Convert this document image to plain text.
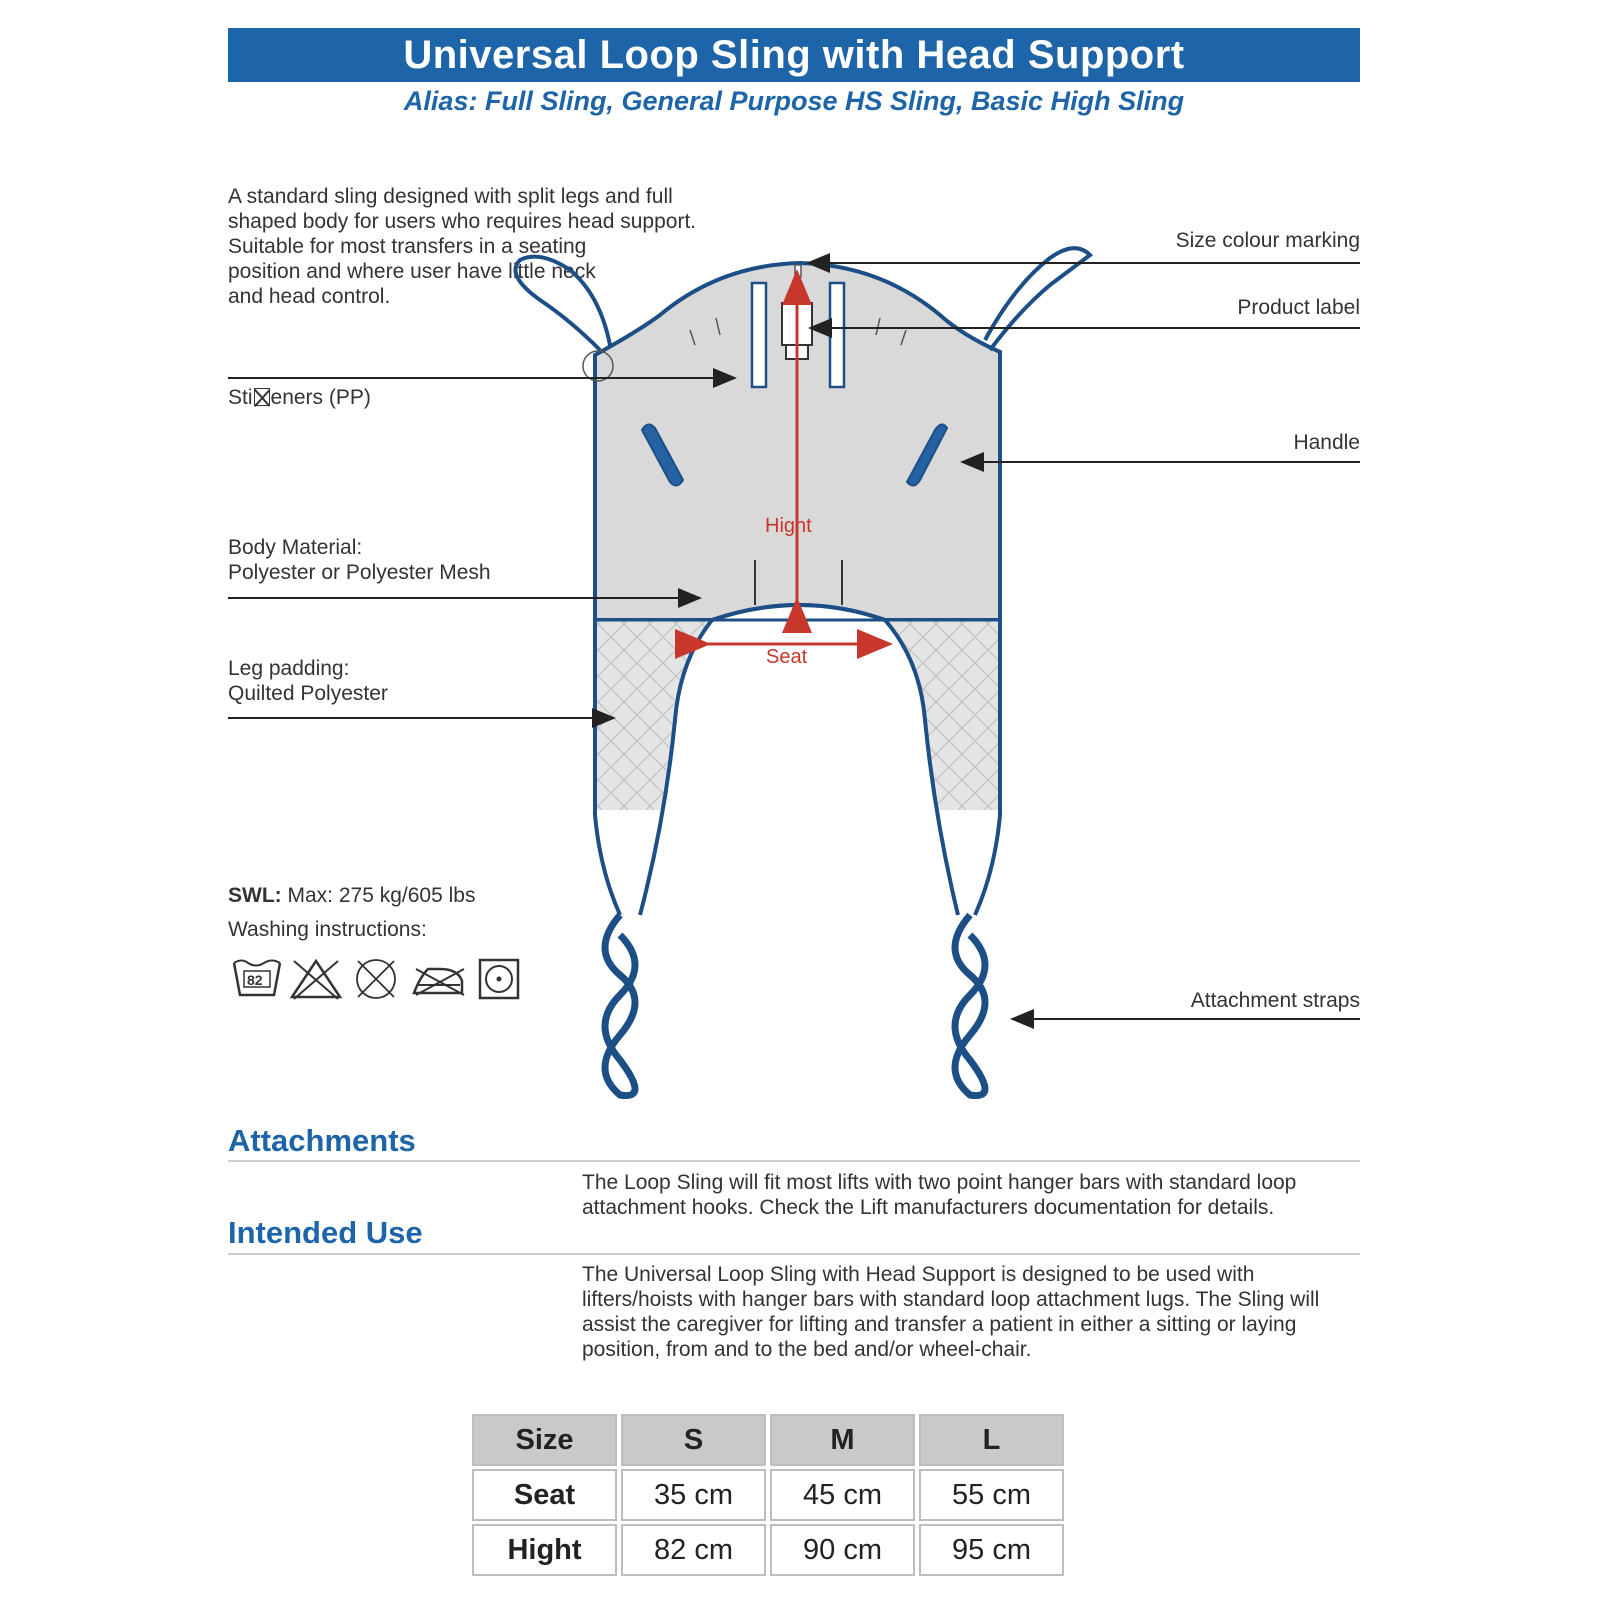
Universal Loop Sling with Head Support
Alias: Full Sling, General Purpose HS Sling, Basic High Sling
A standard sling designed with split legs and full
shaped body for users who requires head support.
Suitable for most transfers in a seating
position and where user have little neck
and head control.
Hight
Seat
Size colour marking
Product label
Sti eners (PP)
Handle
Body Material:
Polyester or Polyester Mesh
Leg padding:
Quilted Polyester
Attachment straps
SWL: Max: 275 kg/605 lbs
Washing instructions:
82
Attachments
The Loop Sling will fit most lifts with two point hanger bars with standard loop attachment hooks. Check the Lift manufacturers documentation for details.
Intended Use
The Universal Loop Sling with Head Support is designed to be used with lifters/hoists with hanger bars with standard loop attachment lugs. The Sling will assist the caregiver for lifting and transfer a patient in either a sitting or laying position, from and to the bed and/or wheel-chair.
Size	S	M	L
Seat	35 cm	45 cm	55 cm
Hight	82 cm	90 cm	95 cm
